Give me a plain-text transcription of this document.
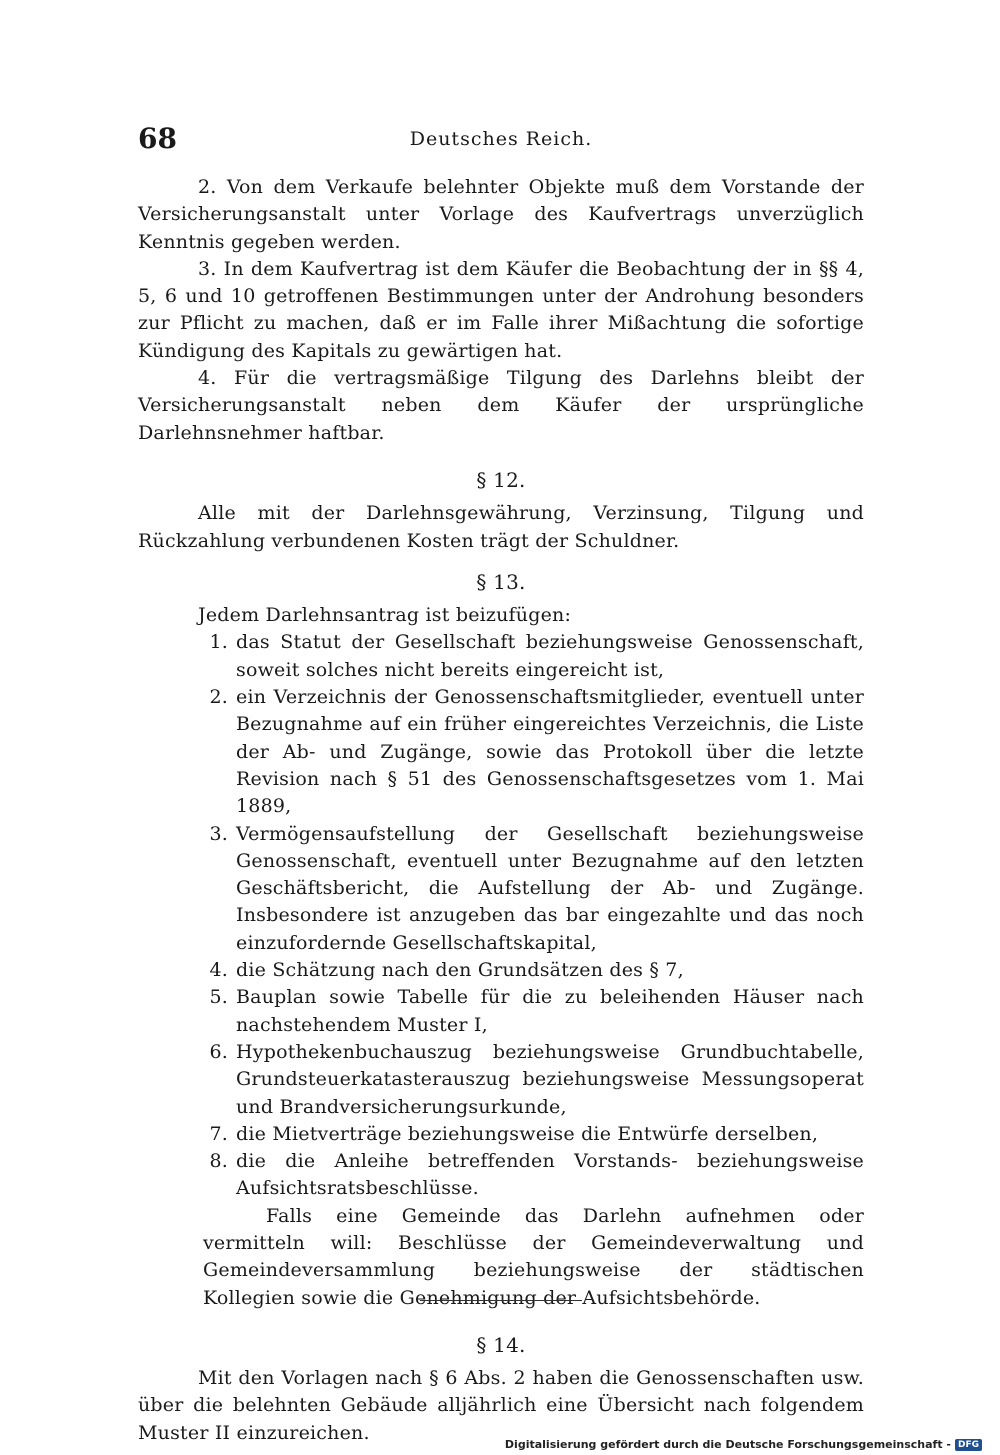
68	Deutsches Reich.

2. Von dem Verkaufe belehnter Objekte muß dem Vorstande der Versicherungsanstalt unter Vorlage des Kaufvertrags unverzüglich Kenntnis gegeben werden.

3. In dem Kaufvertrag ist dem Käufer die Beobachtung der in §§ 4, 5, 6 und 10 getroffenen Bestimmungen unter der Androhung besonders zur Pflicht zu machen, daß er im Falle ihrer Mißachtung die sofortige Kündigung des Kapitals zu gewärtigen hat.

4. Für die vertragsmäßige Tilgung des Darlehns bleibt der Versicherungsanstalt neben dem Käufer der ursprüngliche Darlehnsnehmer haftbar.

§ 12.

Alle mit der Darlehnsgewährung, Verzinsung, Tilgung und Rückzahlung verbundenen Kosten trägt der Schuldner.

§ 13.

Jedem Darlehnsantrag ist beizufügen:

1. das Statut der Gesellschaft beziehungsweise Genossenschaft, soweit solches nicht bereits eingereicht ist,
2. ein Verzeichnis der Genossenschaftsmitglieder, eventuell unter Bezugnahme auf ein früher eingereichtes Verzeichnis, die Liste der Ab- und Zugänge, sowie das Protokoll über die letzte Revision nach § 51 des Genossenschaftsgesetzes vom 1. Mai 1889,
3. Vermögensaufstellung der Gesellschaft beziehungsweise Genossenschaft, eventuell unter Bezugnahme auf den letzten Geschäftsbericht, die Aufstellung der Ab- und Zugänge. Insbesondere ist anzugeben das bar eingezahlte und das noch einzufordernde Gesellschaftskapital,
4. die Schätzung nach den Grundsätzen des § 7,
5. Bauplan sowie Tabelle für die zu beleihenden Häuser nach nachstehendem Muster I,
6. Hypothekenbuchauszug beziehungsweise Grundbuchtabelle, Grundsteuerkatasterauszug beziehungsweise Messungsoperat und Brandversicherungsurkunde,
7. die Mietverträge beziehungsweise die Entwürfe derselben,
8. die die Anleihe betreffenden Vorstands- beziehungsweise Aufsichtsratsbeschlüsse.

Falls eine Gemeinde das Darlehn aufnehmen oder vermitteln will: Beschlüsse der Gemeindeverwaltung und Gemeindeversammlung beziehungsweise der städtischen Kollegien sowie die Genehmigung der Aufsichtsbehörde.

§ 14.

Mit den Vorlagen nach § 6 Abs. 2 haben die Genossenschaften usw. über die belehnten Gebäude alljährlich eine Übersicht nach folgendem Muster II einzureichen.

Digitalisierung gefördert durch die Deutsche Forschungsgemeinschaft - DFG
